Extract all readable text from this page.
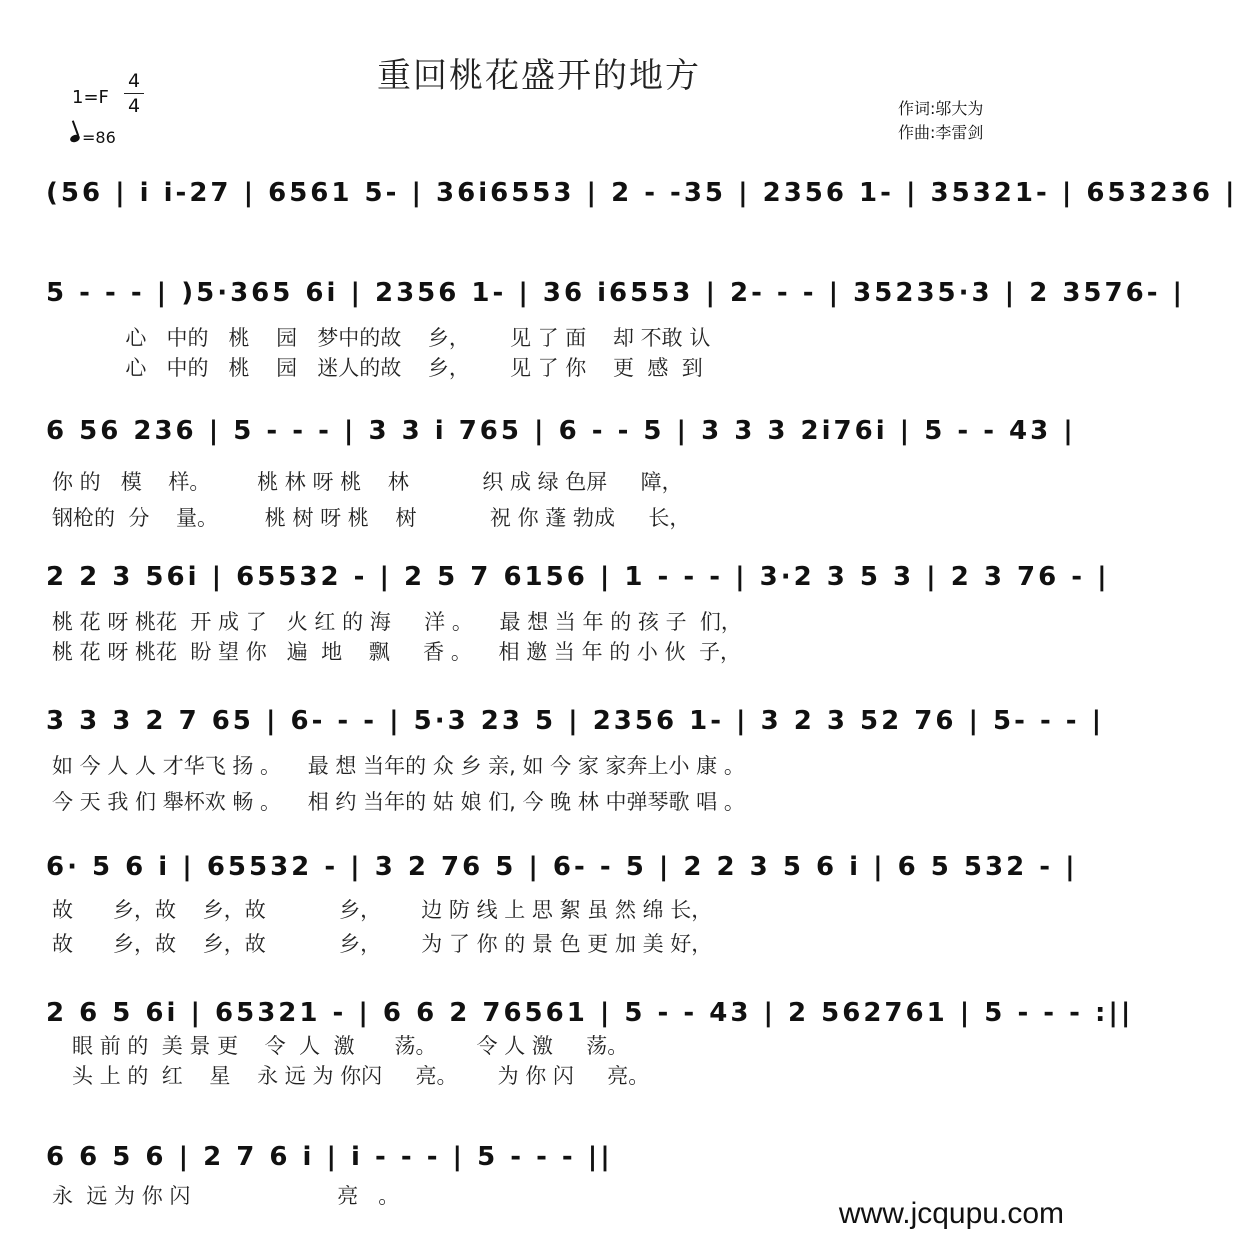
重回桃花盛开的地方
1=F
4
4
=86
作词:邬大为
作曲:李雷剑
(56 | i i-27 | 6561 5- | 36i6553 | 2 - -35 | 2356 1- | 35321- | 653236 |
5 - - - | )5·365 6i | 2356 1- | 36 i6553 | 2- - - | 35235·3 | 2 3576- |
心   中的   桃    园   梦中的故    乡，      见 了 面    却 不敢 认
心   中的   桃    园   迷人的故    乡，      见 了 你    更  感  到
6 56 236 | 5 - - - | 3 3 i 765 | 6 - - 5 | 3 3 3 2i76i | 5 - - 43 |
你 的   模    样。       桃 林 呀 桃    林           织 成 绿 色屏     障，
钢枪的  分    量。       桃 树 呀 桃    树           祝 你 蓬 勃成     长，
2 2 3 56i | 65532 - | 2 5 7 6156 | 1 - - - | 3·2 3 5 3 | 2 3 76 - |
桃 花 呀 桃花  开 成 了   火 红 的 海     洋 。    最 想 当 年 的 孩 子  们，
桃 花 呀 桃花  盼 望 你   遍  地    飘     香 。    相 邀 当 年 的 小 伙  子，
3 3 3 2 7 65 | 6- - - | 5·3 23 5 | 2356 1- | 3 2 3 52 76 | 5- - - |
如 今 人 人 才华飞 扬 。    最 想 当年的 众 乡 亲, 如 今 家 家奔上小 康 。
今 天 我 们 舉杯欢 畅 。    相 约 当年的 姑 娘 们, 今 晚 林 中弹琴歌 唱 。
6· 5 6 i | 65532 - | 3 2 76 5 | 6- - 5 | 2 2 3 5 6 i | 6 5 532 - |
故      乡，故    乡，故           乡，      边 防 线 上 思 絮 虽 然 绵 长，
故      乡，故    乡，故           乡，      为 了 你 的 景 色 更 加 美 好，
2 6 5 6i | 65321 - | 6 6 2 76561 | 5 - - 43 | 2 562761 | 5 - - - :||
眼 前 的  美 景 更    令  人  激      荡。      令 人 激     荡。
头 上 的  红    星    永 远 为 你闪     亮。      为 你 闪     亮。
6 6 5 6 | 2 7 6 i | i - - - | 5 - - - ||
永  远 为 你 闪                      亮   。
www.jcqupu.com
